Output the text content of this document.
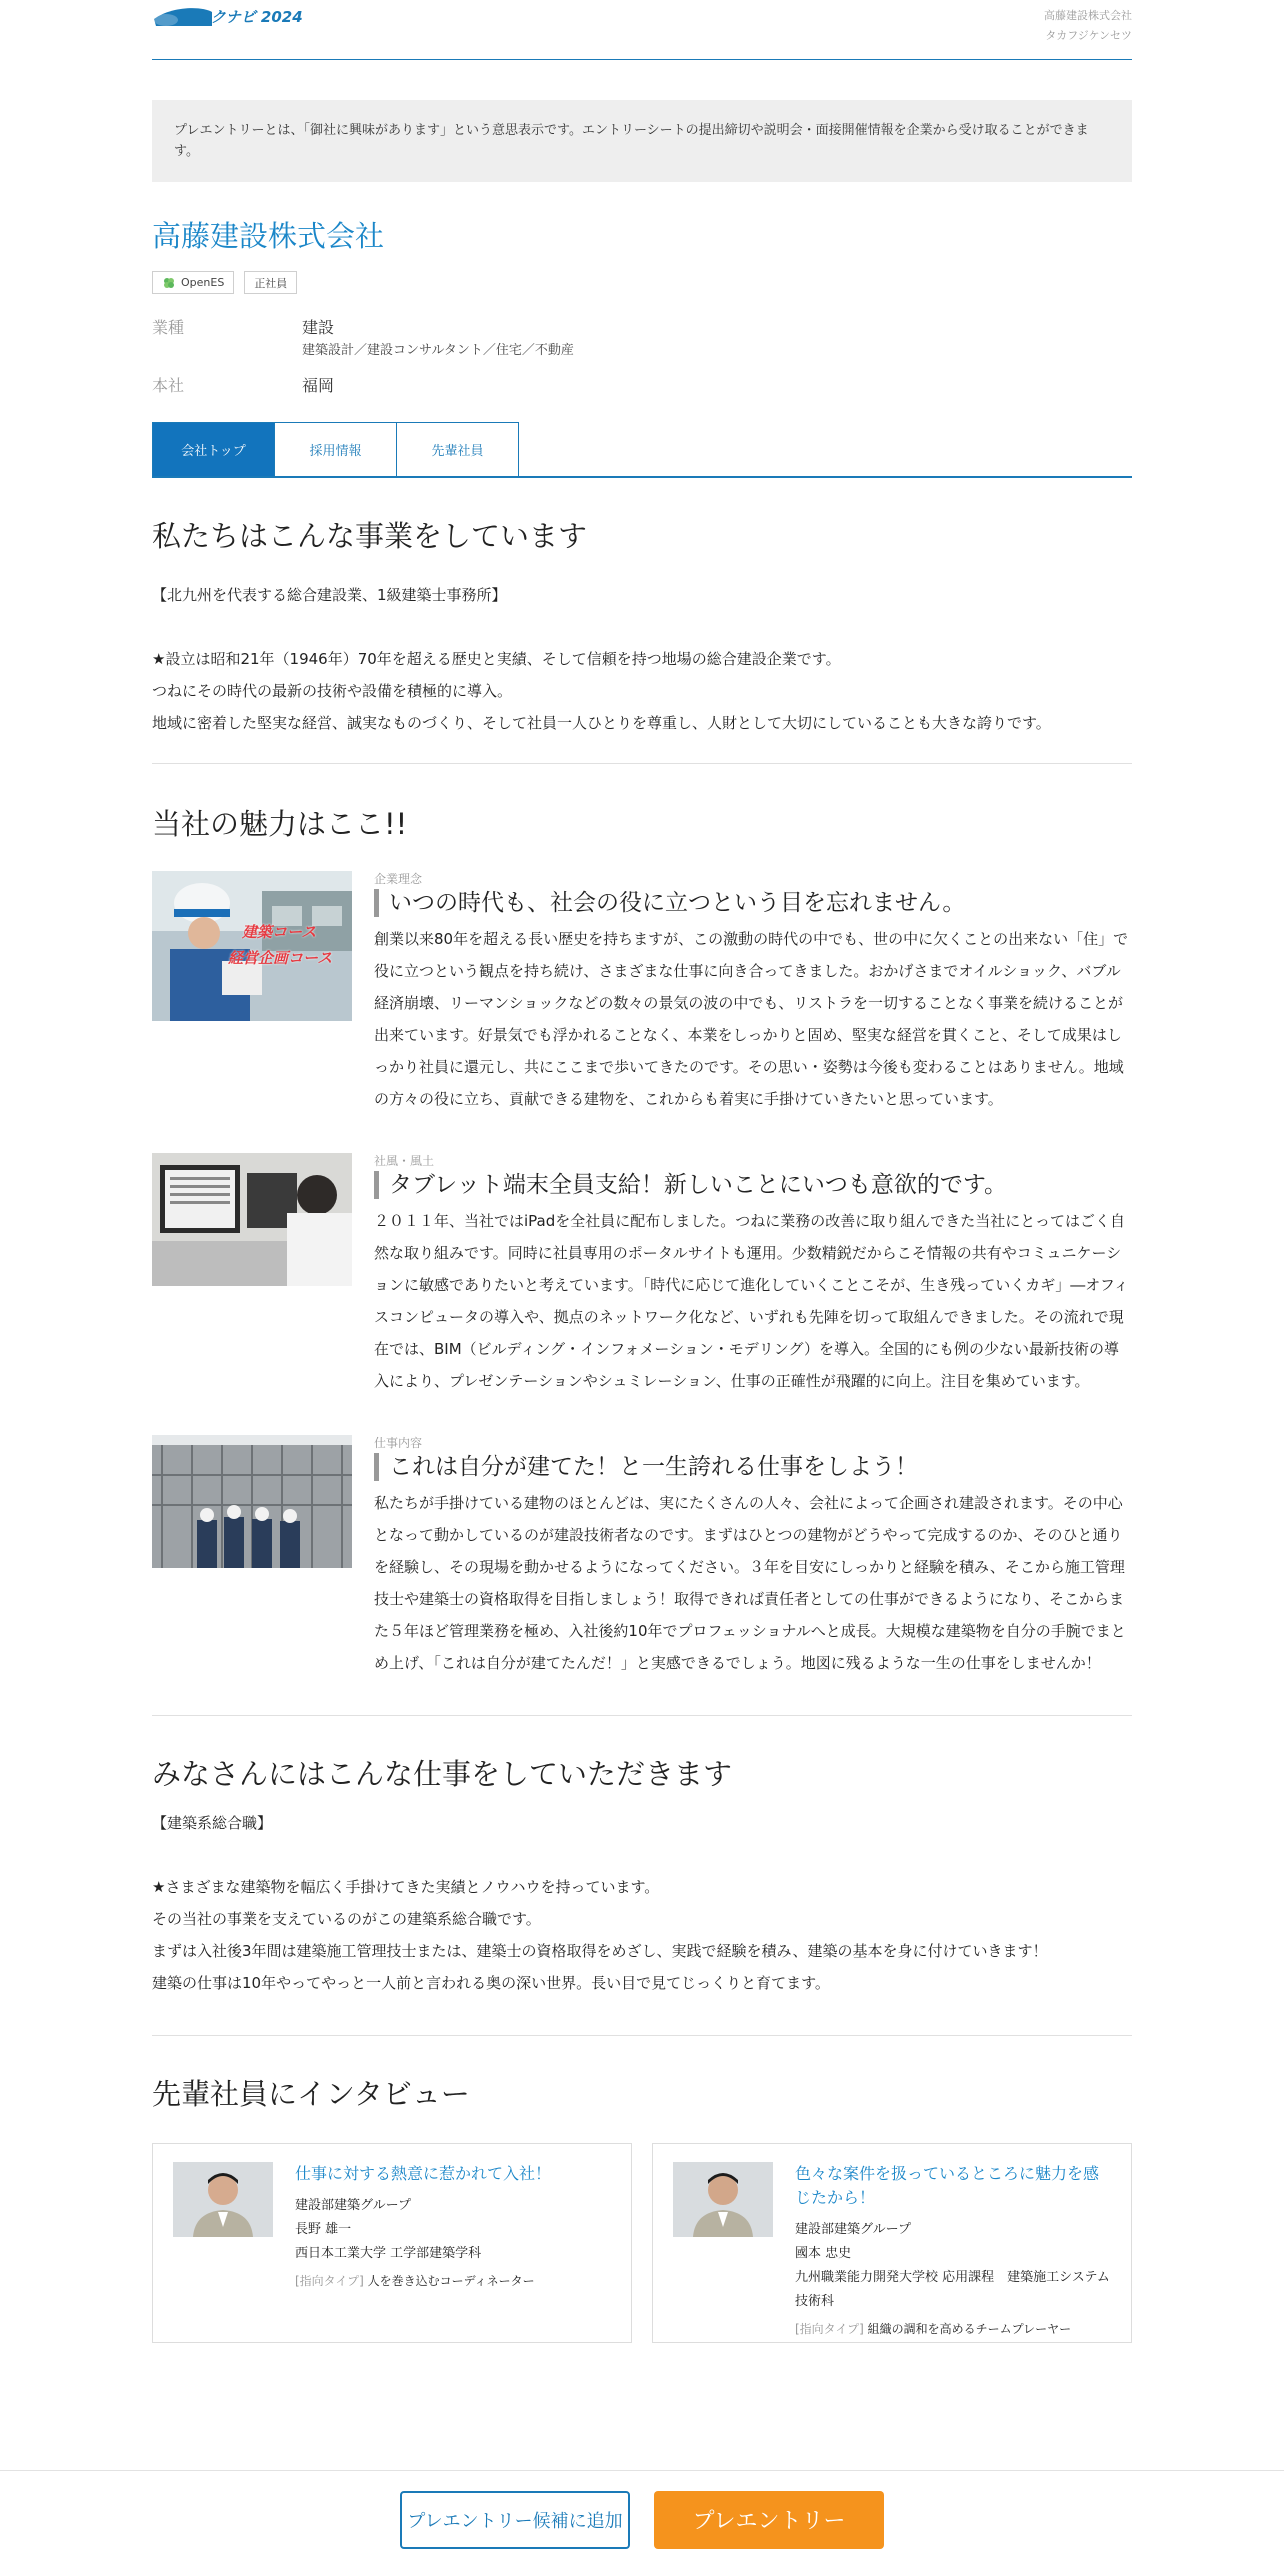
リクナビ 2024	高藤建設株式会社
タカフジケンセツ
プレエントリーとは、「御社に興味があります」という意思表示です。エントリーシートの提出締切や説明会・面接開催情報を企業から受け取ることができます。
高藤建設株式会社
OpenES	正社員
業種	建設
建築設計／建設コンサルタント／住宅／不動産
本社	福岡
会社トップ	採用情報	先輩社員
私たちはこんな事業をしています
【北九州を代表する総合建設業、1級建築士事務所】
★設立は昭和21年（1946年）70年を超える歴史と実績、そして信頼を持つ地場の総合建設企業です。
つねにその時代の最新の技術や設備を積極的に導入。
地域に密着した堅実な経営、誠実なものづくり、そして社員一人ひとりを尊重し、人財として大切にしていることも大きな誇りです。
当社の魅力はここ!!
建築コース
経営企画コース
企業理念
いつの時代も、社会の役に立つという目を忘れません。
創業以来80年を超える長い歴史を持ちますが、この激動の時代の中でも、世の中に欠くことの出来ない「住」で役に立つという観点を持ち続け、さまざまな仕事に向き合ってきました。おかげさまでオイルショック、バブル経済崩壊、リーマンショックなどの数々の景気の波の中でも、リストラを一切することなく事業を続けることが出来ています。好景気でも浮かれることなく、本業をしっかりと固め、堅実な経営を貫くこと、そして成果はしっかり社員に還元し、共にここまで歩いてきたのです。その思い・姿勢は今後も変わることはありません。地域の方々の役に立ち、貢献できる建物を、これからも着実に手掛けていきたいと思っています。
社風・風土
タブレット端末全員支給！新しいことにいつも意欲的です。
２０１１年、当社ではiPadを全社員に配布しました。つねに業務の改善に取り組んできた当社にとってはごく自然な取り組みです。同時に社員専用のポータルサイトも運用。少数精鋭だからこそ情報の共有やコミュニケーションに敏感でありたいと考えています。「時代に応じて進化していくことこそが、生き残っていくカギ」―オフィスコンピュータの導入や、拠点のネットワーク化など、いずれも先陣を切って取組んできました。その流れで現在では、BIM（ビルディング・インフォメーション・モデリング）を導入。全国的にも例の少ない最新技術の導入により、プレゼンテーションやシュミレーション、仕事の正確性が飛躍的に向上。注目を集めています。
仕事内容
これは自分が建てた！と一生誇れる仕事をしよう！
私たちが手掛けている建物のほとんどは、実にたくさんの人々、会社によって企画され建設されます。その中心となって動かしているのが建設技術者なのです。まずはひとつの建物がどうやって完成するのか、そのひと通りを経験し、その現場を動かせるようになってください。３年を目安にしっかりと経験を積み、そこから施工管理技士や建築士の資格取得を目指しましょう！取得できれば責任者としての仕事ができるようになり、そこからまた５年ほど管理業務を極め、入社後約10年でプロフェッショナルへと成長。大規模な建築物を自分の手腕でまとめ上げ、「これは自分が建てたんだ！」と実感できるでしょう。地図に残るような一生の仕事をしませんか！
みなさんにはこんな仕事をしていただきます
【建築系総合職】
★さまざまな建築物を幅広く手掛けてきた実績とノウハウを持っています。
その当社の事業を支えているのがこの建築系総合職です。
まずは入社後3年間は建築施工管理技士または、建築士の資格取得をめざし、実践で経験を積み、建築の基本を身に付けていきます！
建築の仕事は10年やってやっと一人前と言われる奥の深い世界。長い目で見てじっくりと育てます。
先輩社員にインタビュー
仕事に対する熱意に惹かれて入社！
建設部建築グループ
長野 雄一
西日本工業大学 工学部建築学科
[指向タイプ] 人を巻き込むコーディネーター
色々な案件を扱っているところに魅力を感じたから！
建設部建築グループ
國本 忠史
九州職業能力開発大学校 応用課程　建築施工システム技術科
[指向タイプ] 組織の調和を高めるチームプレーヤー
プレエントリー候補に追加	プレエントリー
